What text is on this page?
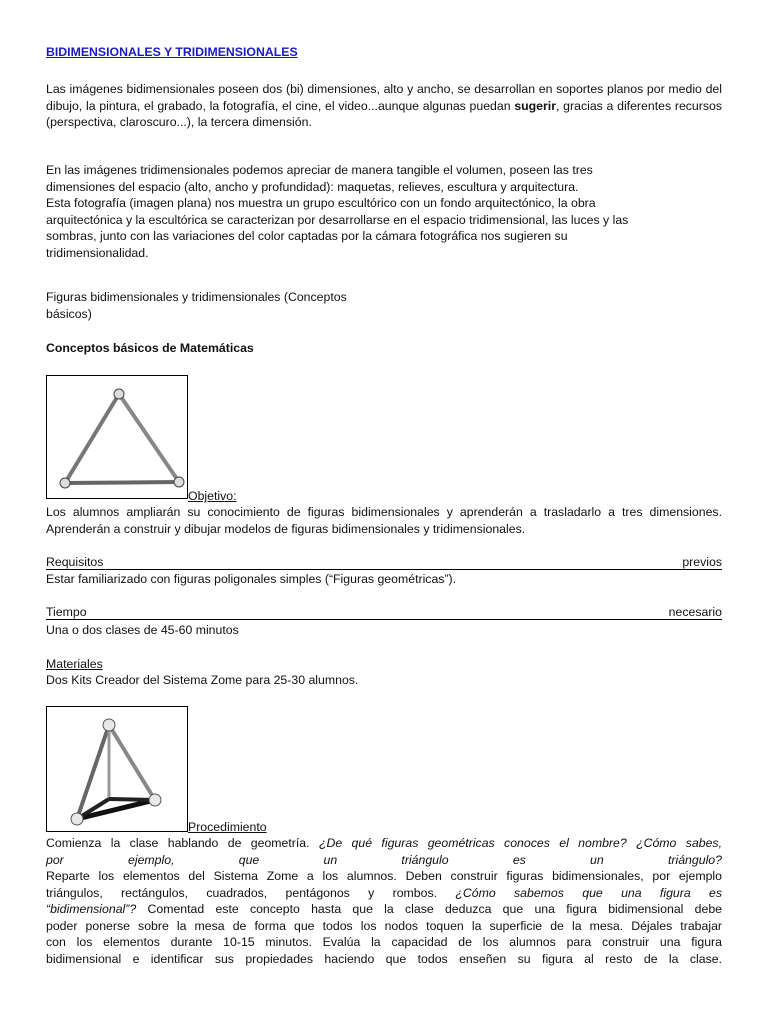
BIDIMENSIONALES Y TRIDIMENSIONALES

Las imágenes bidimensionales poseen dos (bi) dimensiones, alto y ancho, se desarrollan en soportes planos por medio del dibujo, la pintura, el grabado, la fotografía, el cine, el video...aunque algunas puedan sugerir, gracias a diferentes recursos (perspectiva, claroscuro...), la tercera dimensión.

En las imágenes tridimensionales podemos apreciar de manera tangible el volumen, poseen las tres
dimensiones del espacio (alto, ancho y profundidad): maquetas, relieves, escultura y arquitectura.
Esta fotografía (imagen plana) nos muestra un grupo escultórico con un fondo arquitectónico, la obra
arquitectónica y la escultórica se caracterizan por desarrollarse en el espacio tridimensional, las luces y las
sombras, junto con las variaciones del color captadas por la cámara fotográfica nos sugieren su
tridimensionalidad.
Figuras bidimensionales y tridimensionales (Conceptos
básicos)
Conceptos básicos de Matemáticas
Objetivo:
Los alumnos ampliarán su conocimiento de figuras bidimensionales y aprenderán a trasladarlo a tres dimensiones. Aprenderán a construir y dibujar modelos de figuras bidimensionales y tridimensionales.
Requisitos	previos
Estar familiarizado con figuras poligonales simples (“Figuras geométricas”).
Tiempo	necesario
Una o dos clases de 45-60 minutos
Materiales
Dos Kits Creador del Sistema Zome para 25-30 alumnos.
Procedimiento
Comienza la clase hablando de geometría. ¿De qué figuras geométricas conoces el nombre? ¿Cómo sabes,
por ejemplo, que un triángulo es un triángulo?
Reparte los elementos del Sistema Zome a los alumnos. Deben construir figuras bidimensionales, por ejemplo
triángulos, rectángulos, cuadrados, pentágonos y rombos. ¿Cómo sabemos que una figura es
“bidimensional”? Comentad este concepto hasta que la clase deduzca que una figura bidimensional debe
poder ponerse sobre la mesa de forma que todos los nodos toquen la superficie de la mesa. Déjales trabajar
con los elementos durante 10-15 minutos. Evalúa la capacidad de los alumnos para construir una figura
bidimensional e identificar sus propiedades haciendo que todos enseñen su figura al resto de la clase.
